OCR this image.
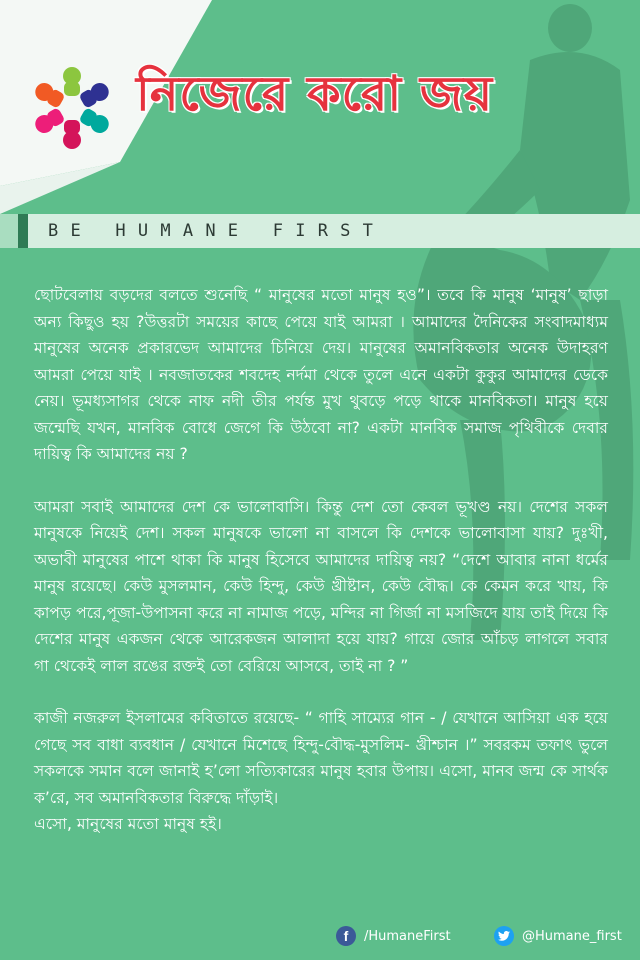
নিজেরে করো জয়
BE HUMANE FIRST

ছোটবেলায় বড়দের বলতে শুনেছি “ মানুষের মতো মানুষ হও”। তবে কি মানুষ ‘মানুষ’ ছাড়া অন্য কিছুও হয় ?উত্তরটা সময়ের কাছে পেয়ে যাই আমরা । আমাদের দৈনিকের সংবাদমাধ্যম মানুষের অনেক প্রকারভেদ আমাদের চিনিয়ে দেয়। মানুষের অমানবিকতার অনেক উদাহরণ আমরা পেয়ে যাই । নবজাতকের শবদেহ নর্দমা থেকে তুলে এনে একটা কুকুর আমাদের ডেকে নেয়। ভূমধ্যসাগর থেকে নাফ নদী তীর পর্যন্ত মুখ থুবড়ে পড়ে থাকে মানবিকতা। মানুষ হয়ে জন্মেছি যখন, মানবিক বোধে জেগে কি উঠবো না? একটা মানবিক সমাজ পৃথিবীকে দেবার দায়িত্ব কি আমাদের নয় ?

আমরা সবাই আমাদের দেশ কে ভালোবাসি। কিন্তু দেশ তো কেবল ভূখণ্ড নয়। দেশের সকল মানুষকে নিয়েই দেশ। সকল মানুষকে ভালো না বাসলে কি দেশকে ভালোবাসা যায়? দুঃখী, অভাবী মানুষের পাশে থাকা কি মানুষ হিসেবে আমাদের দায়িত্ব নয়? “দেশে আবার নানা ধর্মের মানুষ রয়েছে। কেউ মুসলমান, কেউ হিন্দু, কেউ খ্রীষ্টান, কেউ বৌদ্ধ। কে কেমন করে খায়, কি কাপড় পরে,পূজা-উপাসনা করে না নামাজ পড়ে, মন্দির না গির্জা না মসজিদে যায় তাই দিয়ে কি দেশের মানুষ একজন থেকে আরেকজন আলাদা হয়ে যায়? গায়ে জোর আঁচড় লাগলে সবার গা থেকেই লাল রঙের রক্তই তো বেরিয়ে আসবে, তাই না ? ”

কাজী নজরুল ইসলামের কবিতাতে রয়েছে- “ গাহি সাম্যের গান - / যেখানে আসিয়া এক হয়ে গেছে সব বাধা ব্যবধান / যেখানে মিশেছে হিন্দু-বৌদ্ধ-মুসলিম- খ্রীশ্চান ।” সবরকম তফাৎ ভুলে সকলকে সমান বলে জানাই হ’লো সত্যিকারের মানুষ হবার উপায়। এসো, মানব জন্ম কে সার্থক ক’রে, সব অমানবিকতার বিরুদ্ধে দাঁড়াই।
এসো, মানুষের মতো মানুষ হই।

f	/HumaneFirst	@Humane_first
